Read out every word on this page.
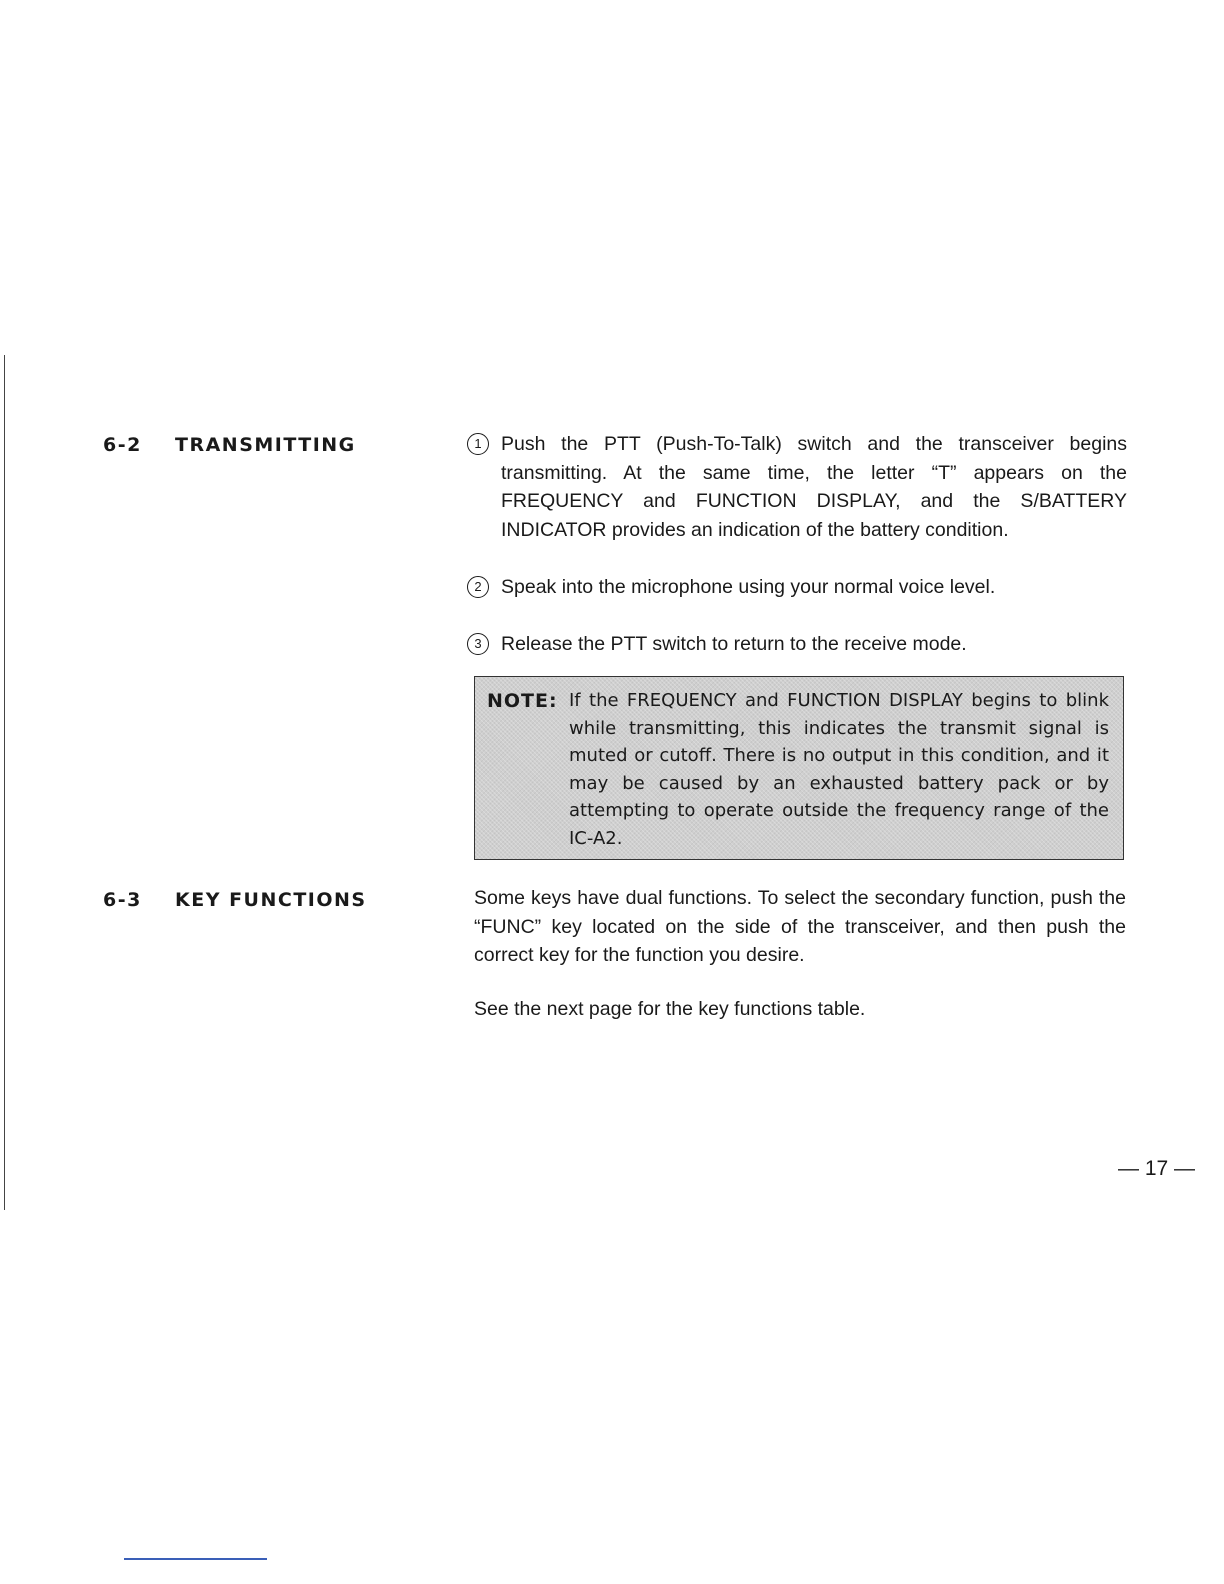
6-2 TRANSMITTING	1 Push the PTT (Push-To-Talk) switch and the transceiver begins transmitting. At the same time, the letter “T” appears on the FREQUENCY and FUNCTION DISPLAY, and the S/BATTERY INDICATOR provides an indication of the battery condition.
2 Speak into the microphone using your normal voice level.
3 Release the PTT switch to return to the receive mode.
NOTE: If the FREQUENCY and FUNCTION DISPLAY begins to blink while transmitting, this indicates the transmit signal is muted or cutoff. There is no output in this condition, and it may be caused by an exhausted battery pack or by attempting to operate outside the frequency range of the IC-A2.
6-3 KEY FUNCTIONS	Some keys have dual functions. To select the secondary function, push the “FUNC” key located on the side of the transceiver, and then push the correct key for the function you desire.
See the next page for the key functions table.
— 17 —
